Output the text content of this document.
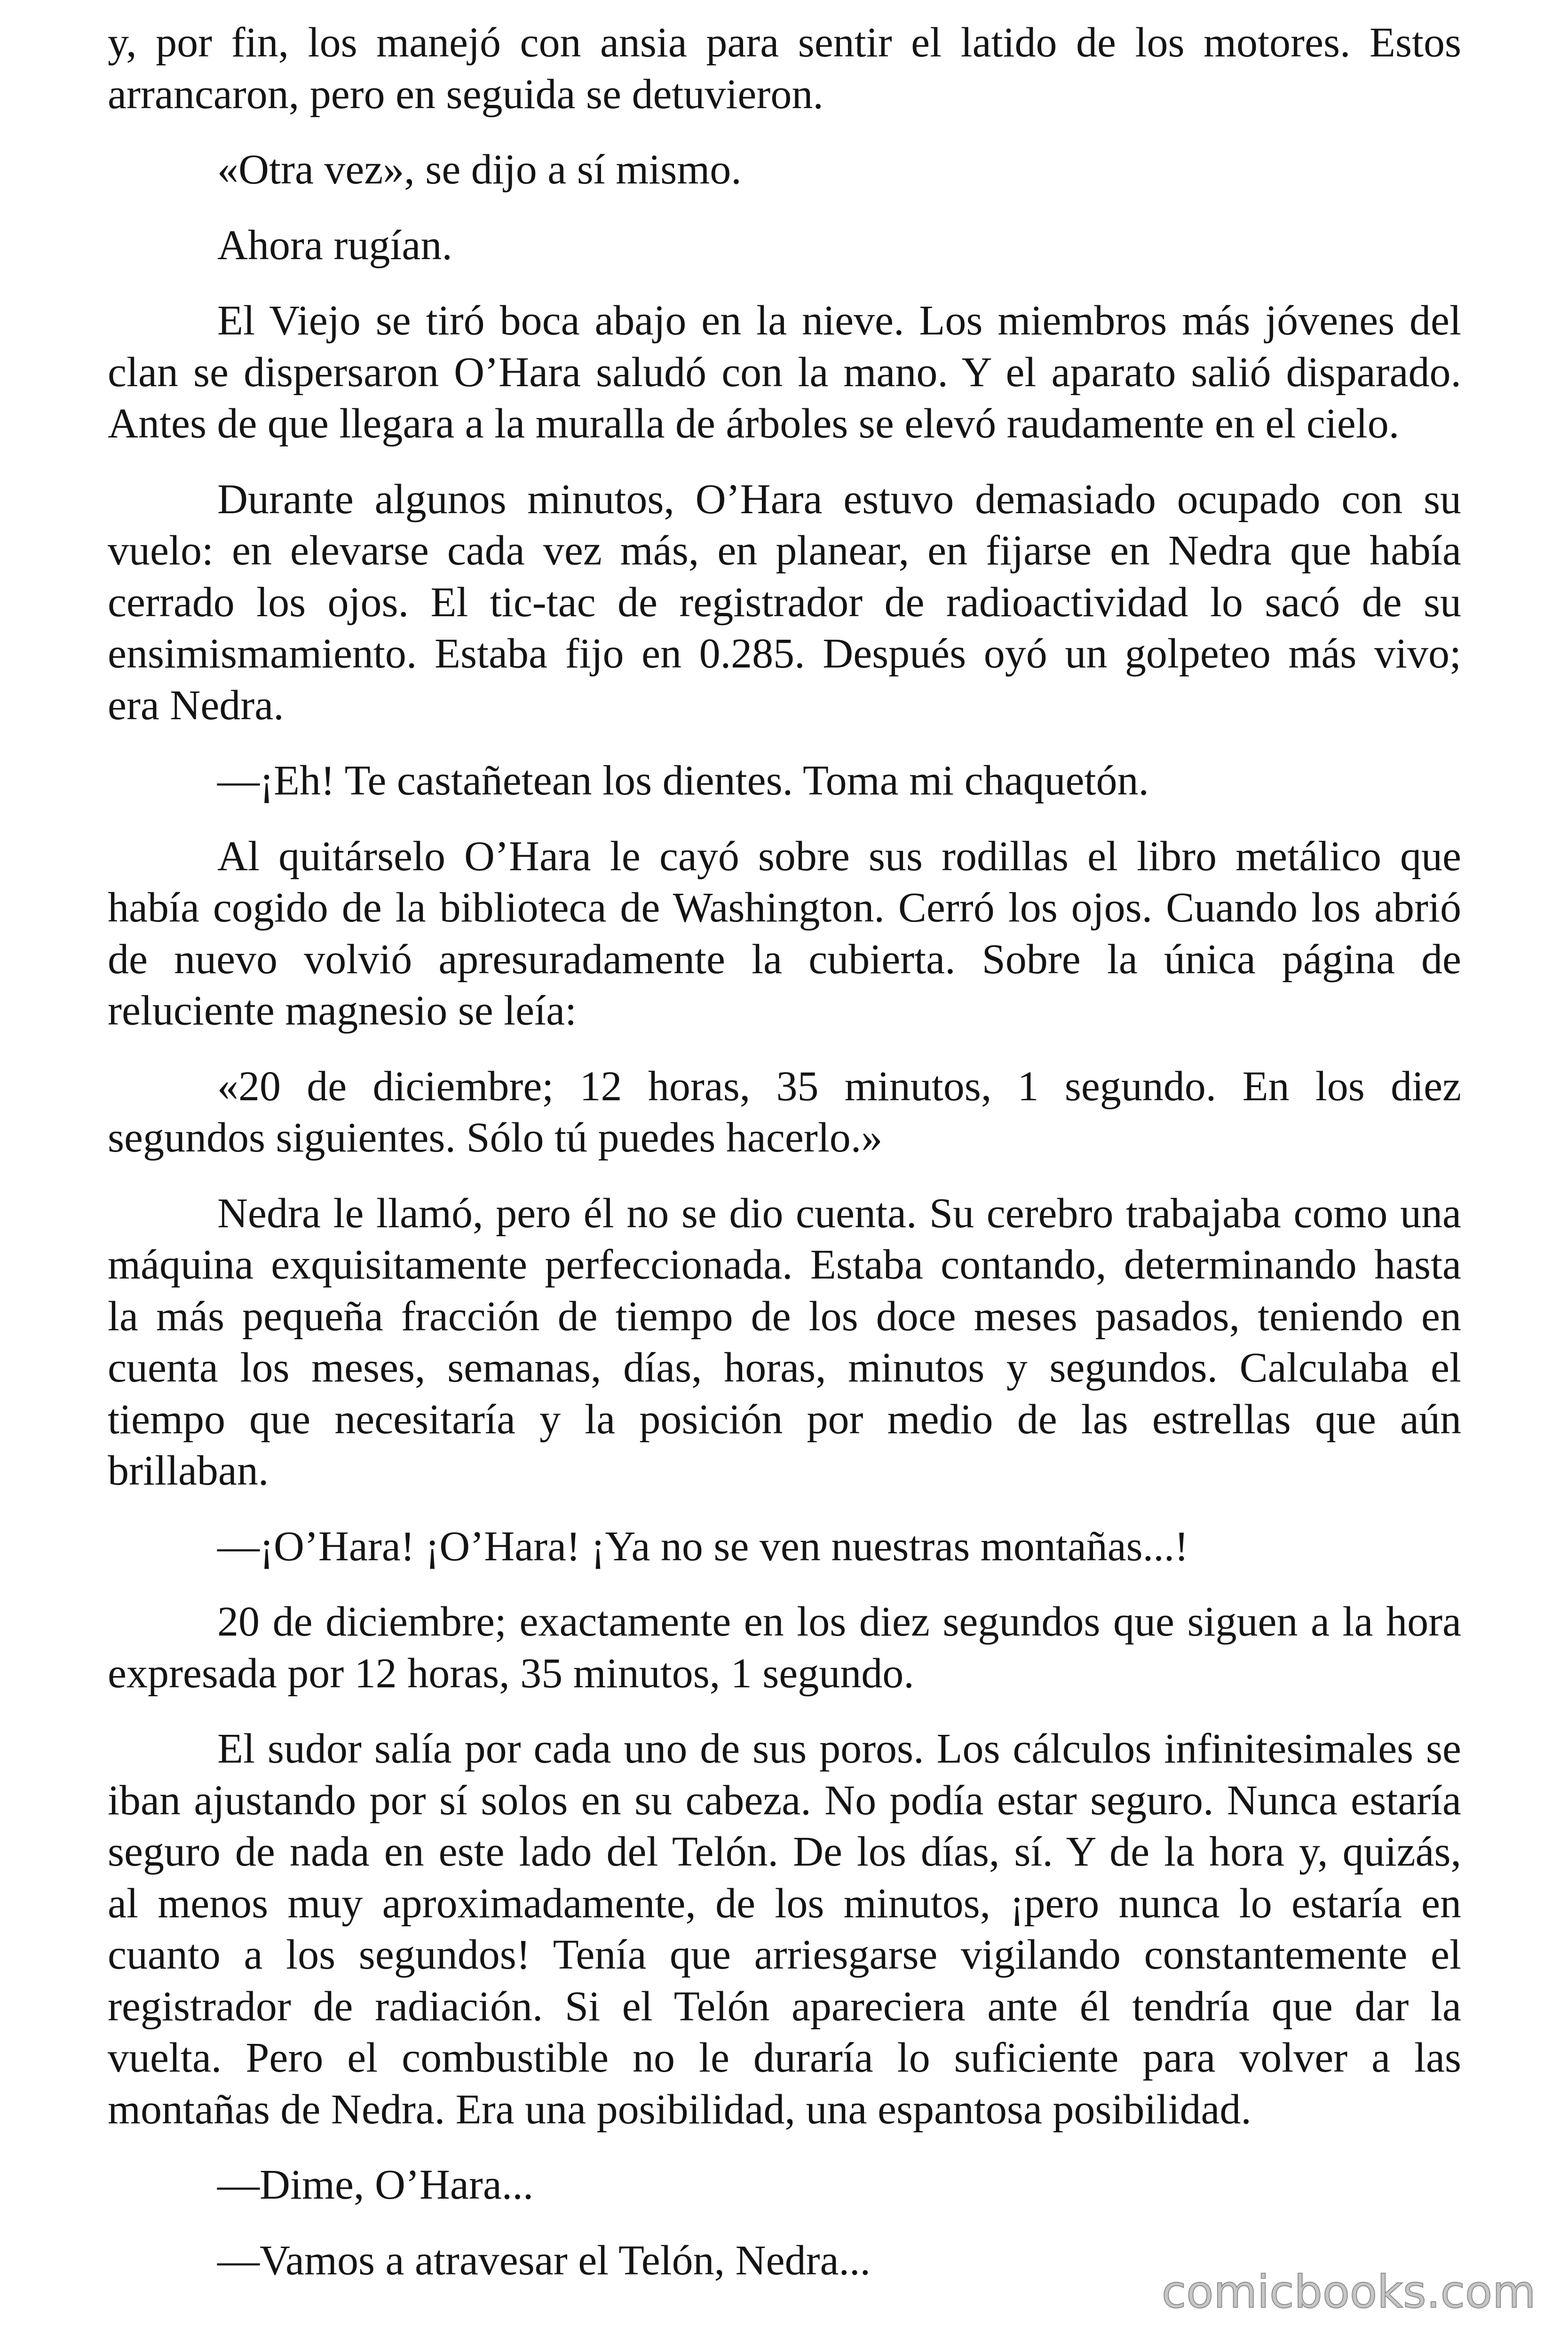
y, por fin, los manejó con ansia para sentir el latido de los motores. Estos
arrancaron, pero en seguida se detuvieron.
«Otra vez», se dijo a sí mismo.
Ahora rugían.
El Viejo se tiró boca abajo en la nieve. Los miembros más jóvenes del
clan se dispersaron O’Hara saludó con la mano. Y el aparato salió disparado.
Antes de que llegara a la muralla de árboles se elevó raudamente en el cielo.
Durante algunos minutos, O’Hara estuvo demasiado ocupado con su
vuelo: en elevarse cada vez más, en planear, en fijarse en Nedra que había
cerrado los ojos. El tic-tac de registrador de radioactividad lo sacó de su
ensimismamiento. Estaba fijo en 0.285. Después oyó un golpeteo más vivo;
era Nedra.
—¡Eh! Te castañetean los dientes. Toma mi chaquetón.
Al quitárselo O’Hara le cayó sobre sus rodillas el libro metálico que
había cogido de la biblioteca de Washington. Cerró los ojos. Cuando los abrió
de nuevo volvió apresuradamente la cubierta. Sobre la única página de
reluciente magnesio se leía:
«20 de diciembre; 12 horas, 35 minutos, 1 segundo. En los diez
segundos siguientes. Sólo tú puedes hacerlo.»
Nedra le llamó, pero él no se dio cuenta. Su cerebro trabajaba como una
máquina exquisitamente perfeccionada. Estaba contando, determinando hasta
la más pequeña fracción de tiempo de los doce meses pasados, teniendo en
cuenta los meses, semanas, días, horas, minutos y segundos. Calculaba el
tiempo que necesitaría y la posición por medio de las estrellas que aún
brillaban.
—¡O’Hara! ¡O’Hara! ¡Ya no se ven nuestras montañas...!
20 de diciembre; exactamente en los diez segundos que siguen a la hora
expresada por 12 horas, 35 minutos, 1 segundo.
El sudor salía por cada uno de sus poros. Los cálculos infinitesimales se
iban ajustando por sí solos en su cabeza. No podía estar seguro. Nunca estaría
seguro de nada en este lado del Telón. De los días, sí. Y de la hora y, quizás,
al menos muy aproximadamente, de los minutos, ¡pero nunca lo estaría en
cuanto a los segundos! Tenía que arriesgarse vigilando constantemente el
registrador de radiación. Si el Telón apareciera ante él tendría que dar la
vuelta. Pero el combustible no le duraría lo suficiente para volver a las
montañas de Nedra. Era una posibilidad, una espantosa posibilidad.
—Dime, O’Hara...
—Vamos a atravesar el Telón, Nedra...
comicbooks.com
